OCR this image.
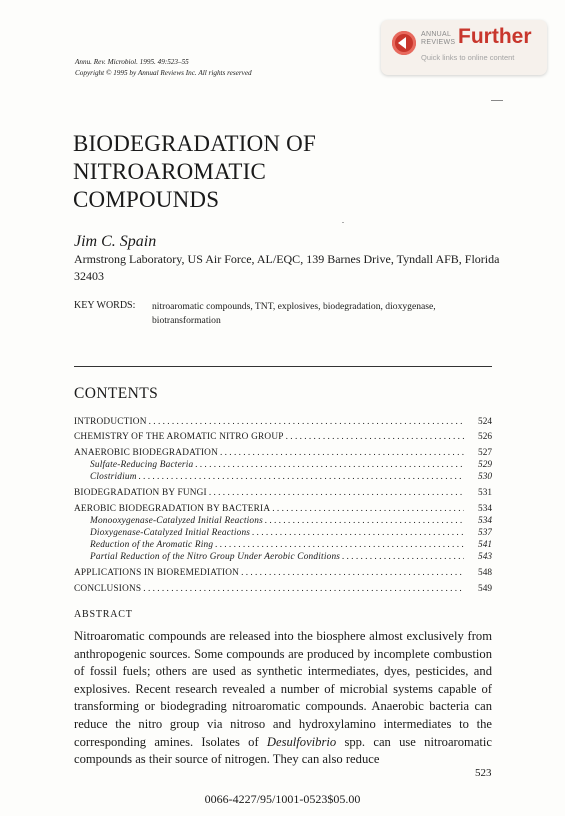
Annu. Rev. Microbiol. 1995. 49:523–55
Copyright © 1995 by Annual Reviews Inc. All rights reserved
ANNUAL
REVIEWS Further
Quick links to online content
BIODEGRADATION OF
NITROAROMATIC
COMPOUNDS
Jim C. Spain
Armstrong Laboratory, US Air Force, AL/EQC, 139 Barnes Drive, Tyndall AFB, Florida 32403
KEY WORDS: nitroaromatic compounds, TNT, explosives, biodegradation, dioxygenase, biotransformation
CONTENTS
INTRODUCTION . . .	524
CHEMISTRY OF THE AROMATIC NITRO GROUP . . .	526
ANAEROBIC BIODEGRADATION . . .	527
Sulfate-Reducing Bacteria . . .	529
Clostridium . . .	530
BIODEGRADATION BY FUNGI . . .	531
AEROBIC BIODEGRADATION BY BACTERIA . . .	534
Monooxygenase-Catalyzed Initial Reactions . . .	534
Dioxygenase-Catalyzed Initial Reactions . . .	537
Reduction of the Aromatic Ring . . .	541
Partial Reduction of the Nitro Group Under Aerobic Conditions . . .	543
APPLICATIONS IN BIOREMEDIATION . . .	548
CONCLUSIONS . . .	549
ABSTRACT

Nitroaromatic compounds are released into the biosphere almost exclusively from anthropogenic sources. Some compounds are produced by incomplete combustion of fossil fuels; others are used as synthetic intermediates, dyes, pesticides, and explosives. Recent research revealed a number of microbial systems capable of transforming or biodegrading nitroaromatic compounds. Anaerobic bacteria can reduce the nitro group via nitroso and hydroxylamino intermediates to the corresponding amines. Isolates of Desulfovibrio spp. can use nitroaromatic compounds as their source of nitrogen. They can also reduce

523
0066-4227/95/1001-0523$05.00
